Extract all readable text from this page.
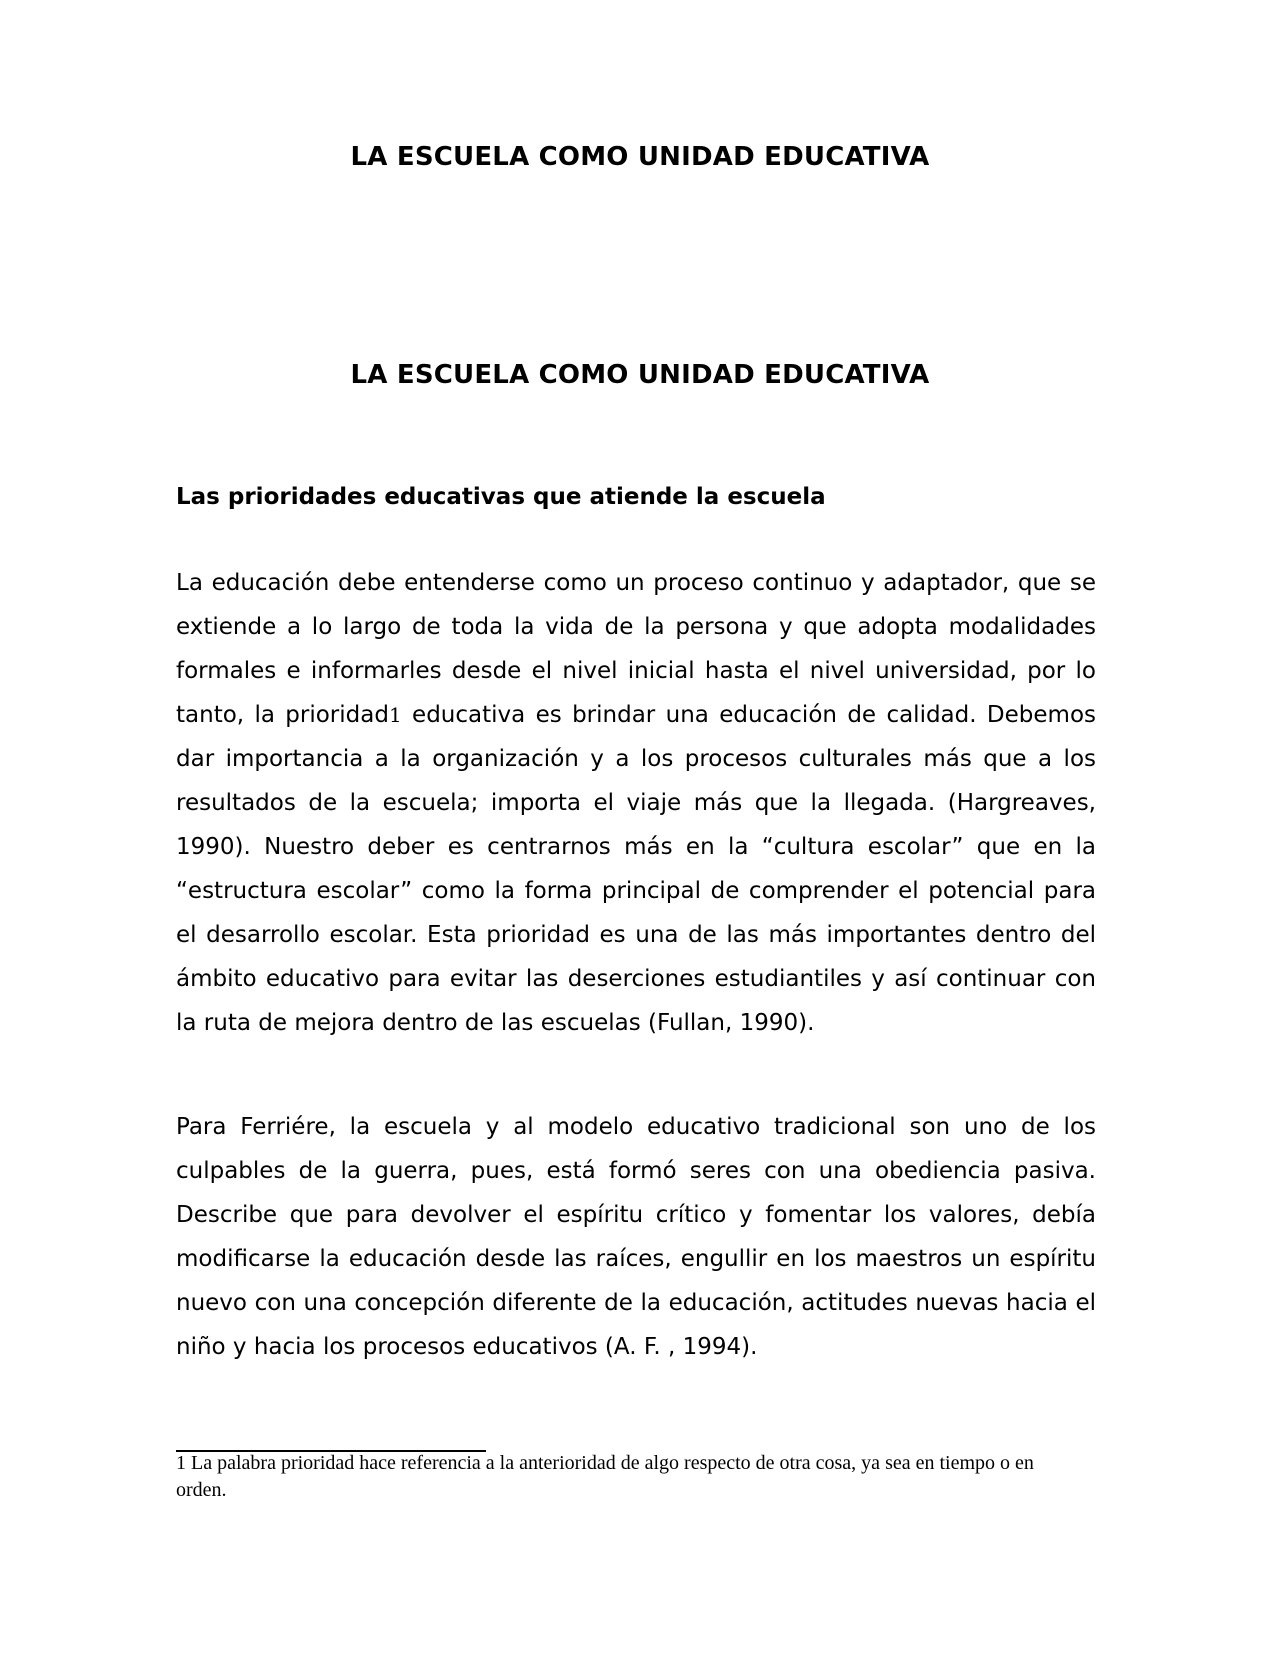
LA ESCUELA COMO UNIDAD EDUCATIVA
LA ESCUELA COMO UNIDAD EDUCATIVA
Las prioridades educativas que atiende la escuela

La educación debe entenderse como un proceso continuo y adaptador, que se extiende a lo largo de toda la vida de la persona y que adopta modalidades formales e informarles desde el nivel inicial hasta el nivel universidad, por lo tanto, la prioridad1 educativa es brindar una educación de calidad. Debemos dar importancia a la organización y a los procesos culturales más que a los resultados de la escuela; importa el viaje más que la llegada. (Hargreaves, 1990). Nuestro deber es centrarnos más en la “cultura escolar” que en la “estructura escolar” como la forma principal de comprender el potencial para el desarrollo escolar. Esta prioridad es una de las más importantes dentro del ámbito educativo para evitar las deserciones estudiantiles y así continuar con la ruta de mejora dentro de las escuelas (Fullan, 1990).

Para Ferriére, la escuela y al modelo educativo tradicional son uno de los culpables de la guerra, pues, está formó seres con una obediencia pasiva. Describe que para devolver el espíritu crítico y fomentar los valores, debía modificarse la educación desde las raíces, engullir en los maestros un espíritu nuevo con una concepción diferente de la educación, actitudes nuevas hacia el niño y hacia los procesos educativos (A. F. , 1994).

1 La palabra prioridad hace referencia a la anterioridad de algo respecto de otra cosa, ya sea en tiempo o en orden.
